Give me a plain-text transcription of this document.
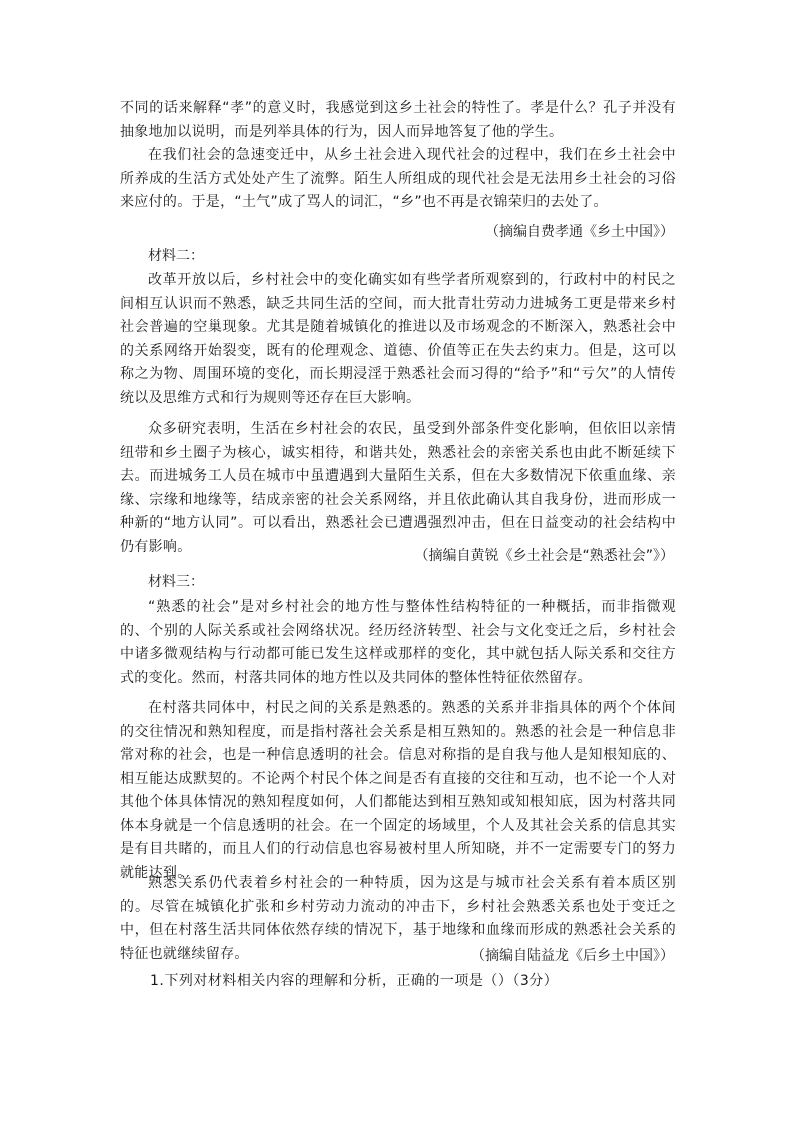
不同的话来解释“孝”的意义时，我感觉到这乡土社会的特性了。孝是什么？孔子并没有抽象地加以说明，而是列举具体的行为，因人而异地答复了他的学生。
在我们社会的急速变迁中，从乡土社会进入现代社会的过程中，我们在乡土社会中所养成的生活方式处处产生了流弊。陌生人所组成的现代社会是无法用乡土社会的习俗来应付的。于是，“土气”成了骂人的词汇，“乡”也不再是衣锦荣归的去处了。
（摘编自费孝通《乡土中国》）
材料二：
改革开放以后，乡村社会中的变化确实如有些学者所观察到的，行政村中的村民之间相互认识而不熟悉，缺乏共同生活的空间，而大批青壮劳动力进城务工更是带来乡村社会普遍的空巢现象。尤其是随着城镇化的推进以及市场观念的不断深入，熟悉社会中的关系网络开始裂变，既有的伦理观念、道德、价值等正在失去约束力。但是，这可以称之为物、周围环境的变化，而长期浸淫于熟悉社会而习得的“给予”和“亏欠”的人情传统以及思维方式和行为规则等还存在巨大影响。
众多研究表明，生活在乡村社会的农民，虽受到外部条件变化影响，但依旧以亲情纽带和乡土圈子为核心，诚实相待，和谐共处，熟悉社会的亲密关系也由此不断延续下去。而进城务工人员在城市中虽遭遇到大量陌生关系，但在大多数情况下依重血缘、亲缘、宗缘和地缘等，结成亲密的社会关系网络，并且依此确认其自我身份，进而形成一种新的“地方认同”。可以看出，熟悉社会已遭遇强烈冲击，但在日益变动的社会结构中仍有影响。
（摘编自黄锐《乡土社会是“熟悉社会”》）
材料三：
“熟悉的社会”是对乡村社会的地方性与整体性结构特征的一种概括，而非指微观的、个别的人际关系或社会网络状况。经历经济转型、社会与文化变迁之后，乡村社会中诸多微观结构与行动都可能已发生这样或那样的变化，其中就包括人际关系和交往方式的变化。然而，村落共同体的地方性以及共同体的整体性特征依然留存。
在村落共同体中，村民之间的关系是熟悉的。熟悉的关系并非指具体的两个个体间的交往情况和熟知程度，而是指村落社会关系是相互熟知的。熟悉的社会是一种信息非常对称的社会，也是一种信息透明的社会。信息对称指的是自我与他人是知根知底的、相互能达成默契的。不论两个村民个体之间是否有直接的交往和互动，也不论一个人对其他个体具体情况的熟知程度如何，人们都能达到相互熟知或知根知底，因为村落共同体本身就是一个信息透明的社会。在一个固定的场域里，个人及其社会关系的信息其实是有目共睹的，而且人们的行动信息也容易被村里人所知晓，并不一定需要专门的努力就能达到。
熟悉关系仍代表着乡村社会的一种特质，因为这是与城市社会关系有着本质区别的。尽管在城镇化扩张和乡村劳动力流动的冲击下，乡村社会熟悉关系也处于变迁之中，但在村落生活共同体依然存续的情况下，基于地缘和血缘而形成的熟悉社会关系的特征也就继续留存。	（摘编自陆益龙《后乡土中国》）
1.下列对材料相关内容的理解和分析，正确的一项是（）（3分）
